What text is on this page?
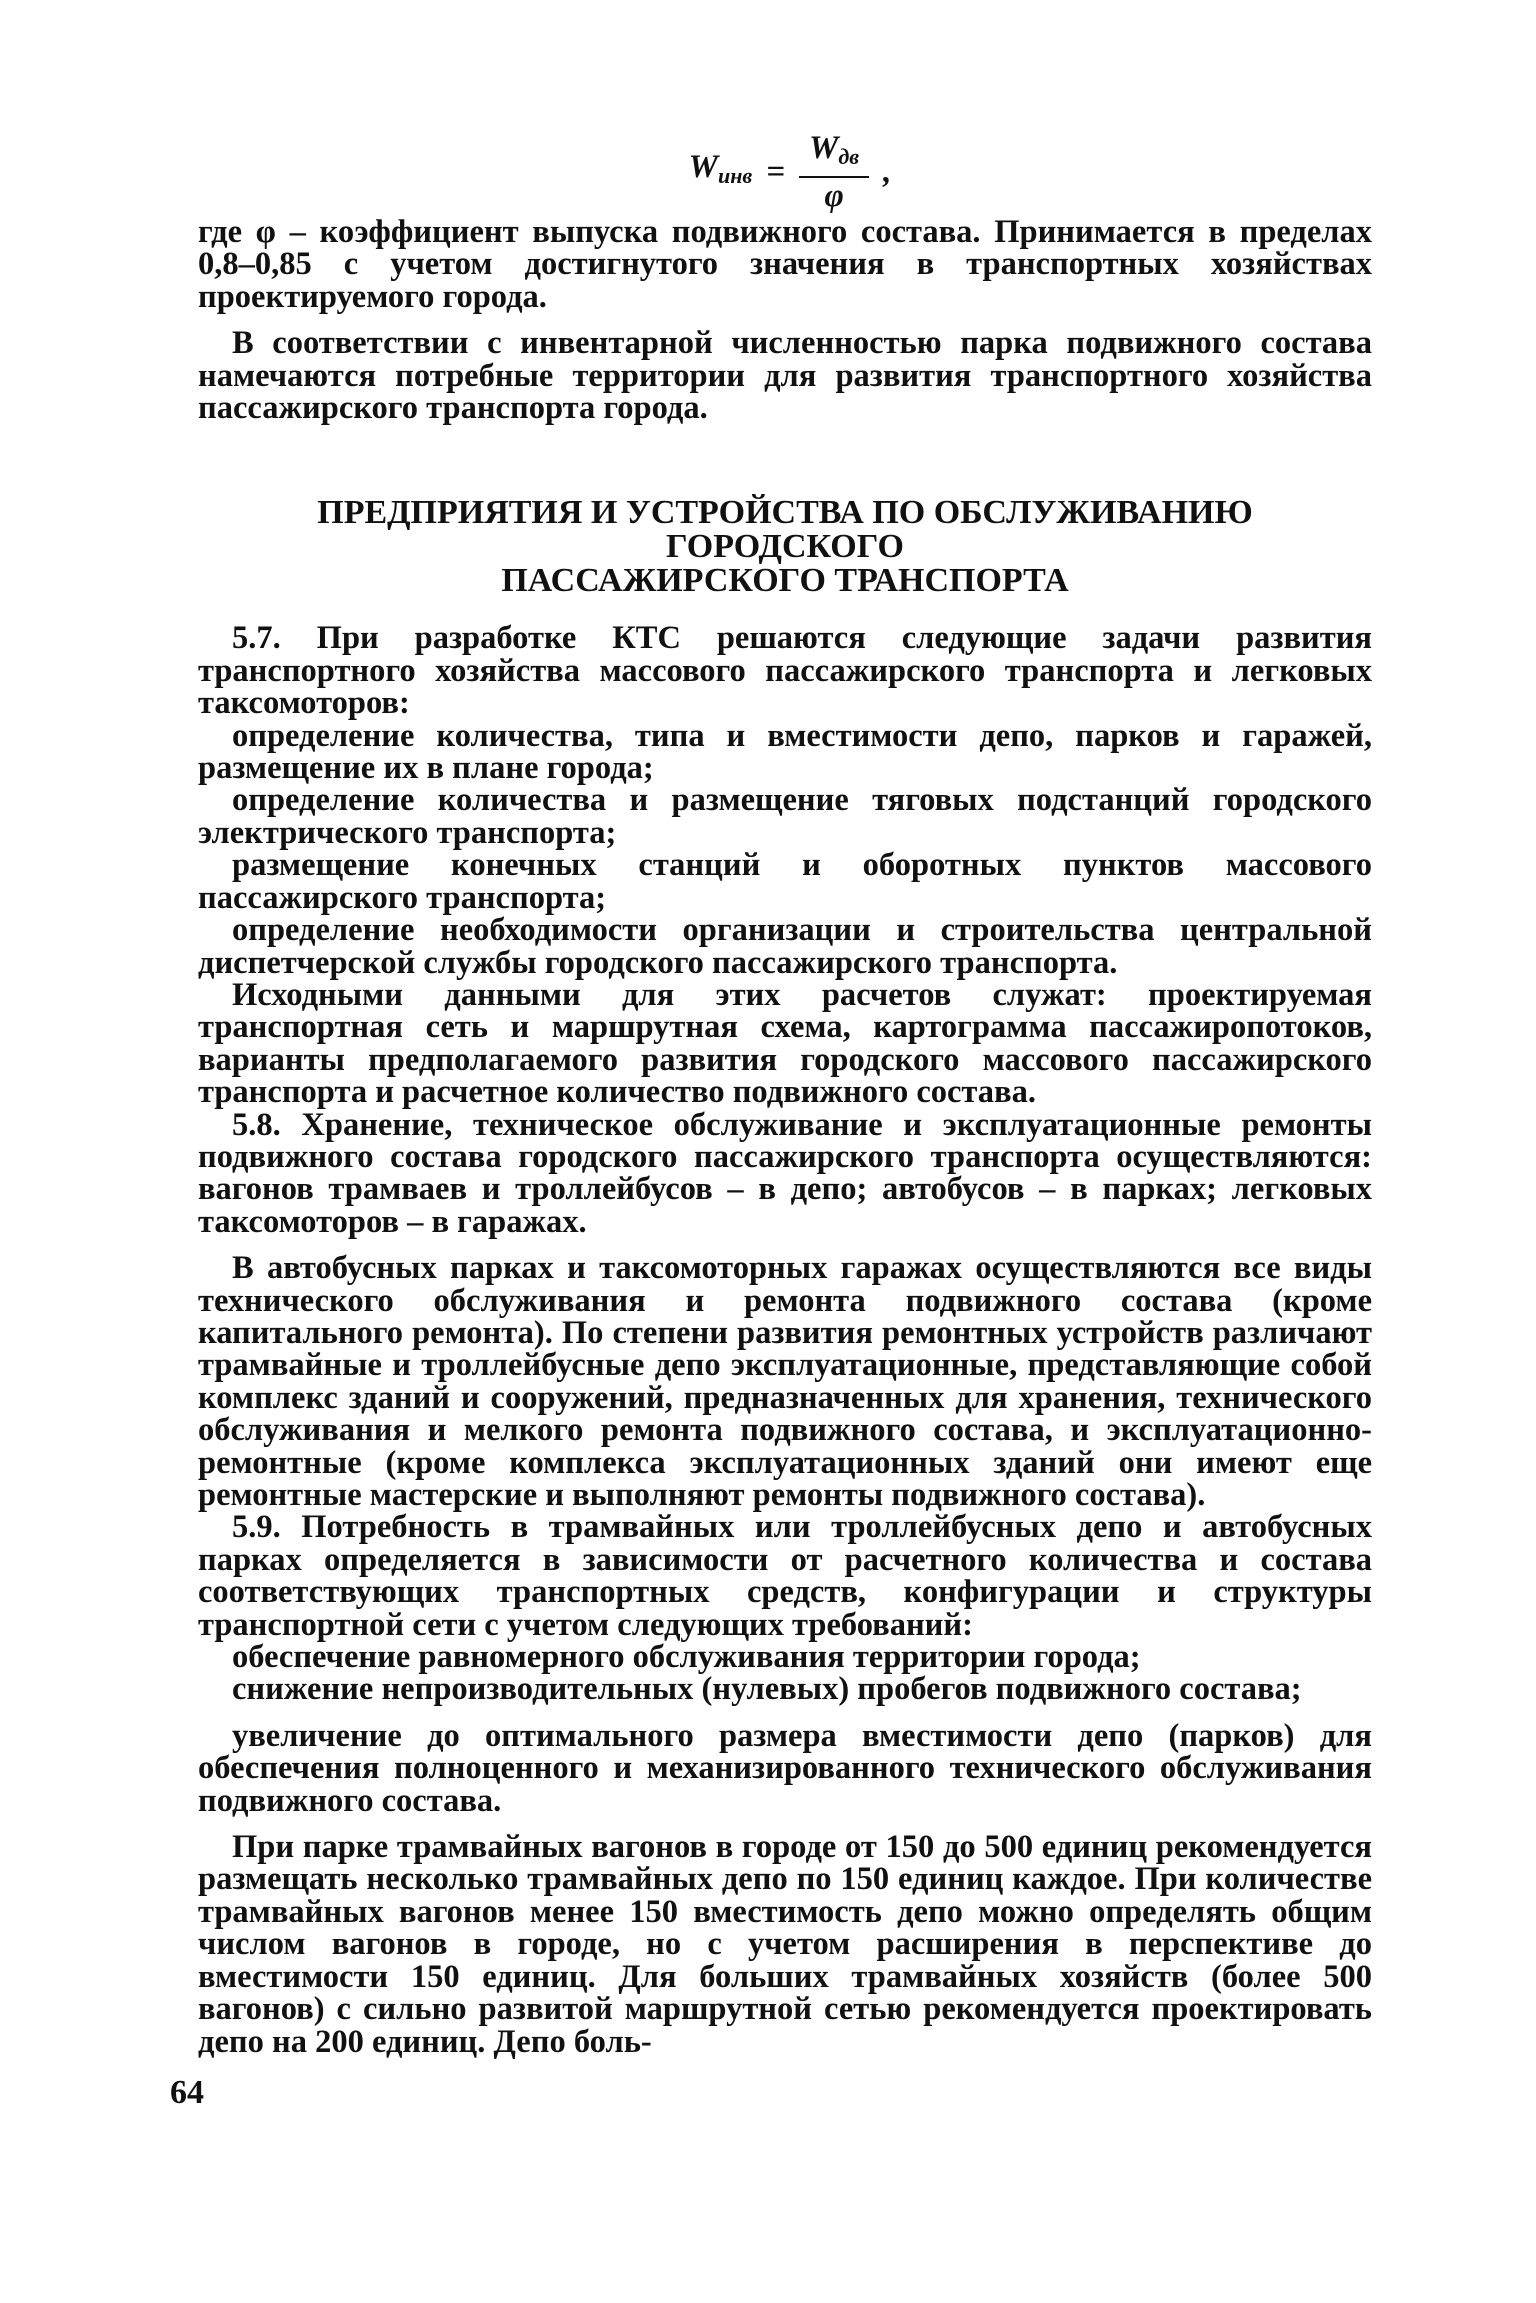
$W_{инв} = \frac{W_{дв}}{\varphi}$ ,

где φ – коэффициент выпуска подвижного состава. Принимается в пределах 0,8–0,85 с учетом достигнутого значения в транспортных хозяйствах проектируемого города.

В соответствии с инвентарной численностью парка подвижного состава намечаются потребные территории для развития транспортного хозяйства пассажирского транспорта города.

ПРЕДПРИЯТИЯ И УСТРОЙСТВА ПО ОБСЛУЖИВАНИЮ ГОРОДСКОГО
ПАССАЖИРСКОГО ТРАНСПОРТА

5.7. При разработке КТС решаются следующие задачи развития транспортного хозяйства массового пассажирского транспорта и легковых таксомоторов:

определение количества, типа и вместимости депо, парков и гаражей, размещение их в плане города;

определение количества и размещение тяговых подстанций городского электрического транспорта;

размещение конечных станций и оборотных пунктов массового пассажирского транспорта;

определение необходимости организации и строительства центральной диспетчерской службы городского пассажирского транспорта.

Исходными данными для этих расчетов служат: проектируемая транспортная сеть и маршрутная схема, картограмма пассажиропотоков, варианты предполагаемого развития городского массового пассажирского транспорта и расчетное количество подвижного состава.

5.8. Хранение, техническое обслуживание и эксплуатационные ремонты подвижного состава городского пассажирского транспорта осуществляются: вагонов трамваев и троллейбусов – в депо; автобусов – в парках; легковых таксомоторов – в гаражах.

В автобусных парках и таксомоторных гаражах осуществляются все виды технического обслуживания и ремонта подвижного состава (кроме капитального ремонта). По степени развития ремонтных устройств различают трамвайные и троллейбусные депо эксплуатационные, представляющие собой комплекс зданий и сооружений, предназначенных для хранения, технического обслуживания и мелкого ремонта подвижного состава, и эксплуатационно-ремонтные (кроме комплекса эксплуатационных зданий они имеют еще ремонтные мастерские и выполняют ремонты подвижного состава).

5.9. Потребность в трамвайных или троллейбусных депо и автобусных парках определяется в зависимости от расчетного количества и состава соответствующих транспортных средств, конфигурации и структуры транспортной сети с учетом следующих требований:

обеспечение равномерного обслуживания территории города;

снижение непроизводительных (нулевых) пробегов подвижного состава;

увеличение до оптимального размера вместимости депо (парков) для обеспечения полноценного и механизированного технического обслуживания подвижного состава.

При парке трамвайных вагонов в городе от 150 до 500 единиц рекомендуется размещать несколько трамвайных депо по 150 единиц каждое. При количестве трамвайных вагонов менее 150 вместимость депо можно определять общим числом вагонов в городе, но с учетом расширения в перспективе до вместимости 150 единиц. Для больших трамвайных хозяйств (более 500 вагонов) с сильно развитой маршрутной сетью рекомендуется проектировать депо на 200 единиц. Депо боль-

64
